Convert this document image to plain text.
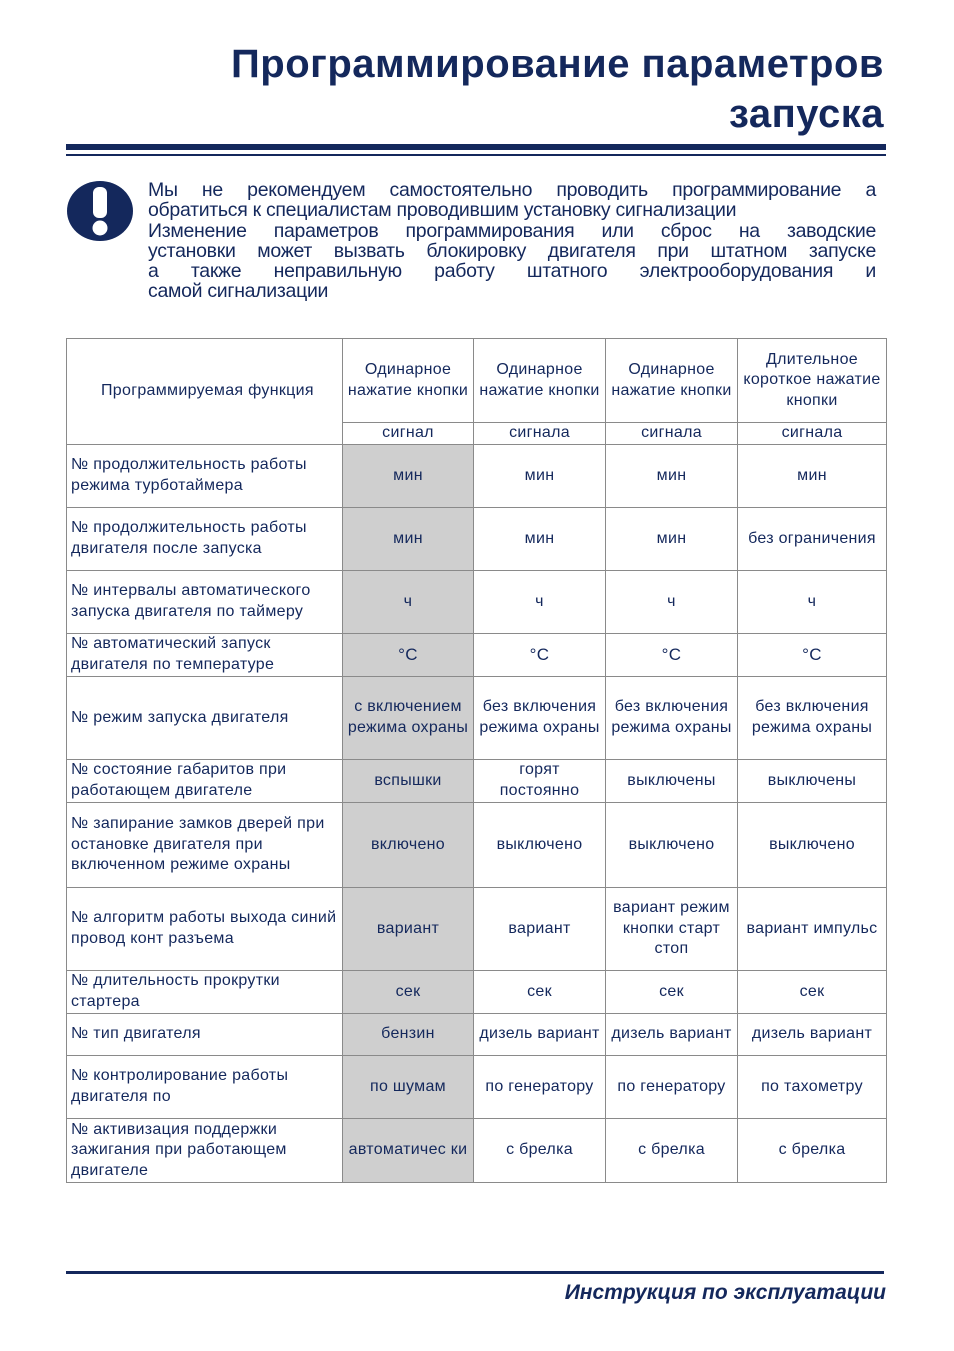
Программирование параметров
запуска
Мы не рекомендуем самостоятельно проводить программирование а
обратиться к специалистам проводившим установку сигнализации
Изменение параметров программирования или сброс на заводские
установки может вызвать блокировку двигателя при штатном запуске
а также неправильную работу штатного электрооборудования и
самой сигнализации
Программируемая функция	Одинарное нажатие кнопки	Одинарное нажатие кнопки	Одинарное нажатие кнопки	Длительное короткое нажатие кнопки
	сигнал	сигнала	сигнала	сигнала
№ продолжительность работы режима турботаймера	мин	мин	мин	мин
№ продолжительность работы двигателя после запуска	мин	мин	мин	без ограничения
№ интервалы автоматического запуска двигателя по таймеру	ч	ч	ч	ч
№ автоматический запуск двигателя по температуре	°C	°C	°C	°C
№ режим запуска двигателя	с включением режима охраны	без включения режима охраны	без включения режима охраны	без включения режима охраны
№ состояние габаритов при работающем двигателе	вспышки	горят постоянно	выключены	выключены
№ запирание замков дверей при остановке двигателя при включенном режиме охраны	включено	выключено	выключено	выключено
№ алгоритм работы выхода синий провод конт разъема	вариант	вариант	вариант режим кнопки старт стоп	вариант импульс
№ длительность прокрутки стартера	сек	сек	сек	сек
№ тип двигателя	бензин	дизель вариант	дизель вариант	дизель вариант
№ контролирование работы двигателя по	по шумам	по генератору	по генератору	по тахометру
№ активизация поддержки зажигания при работающем двигателе	автоматичес ки	с брелка	с брелка	с брелка
Инструкция по эксплуатации
